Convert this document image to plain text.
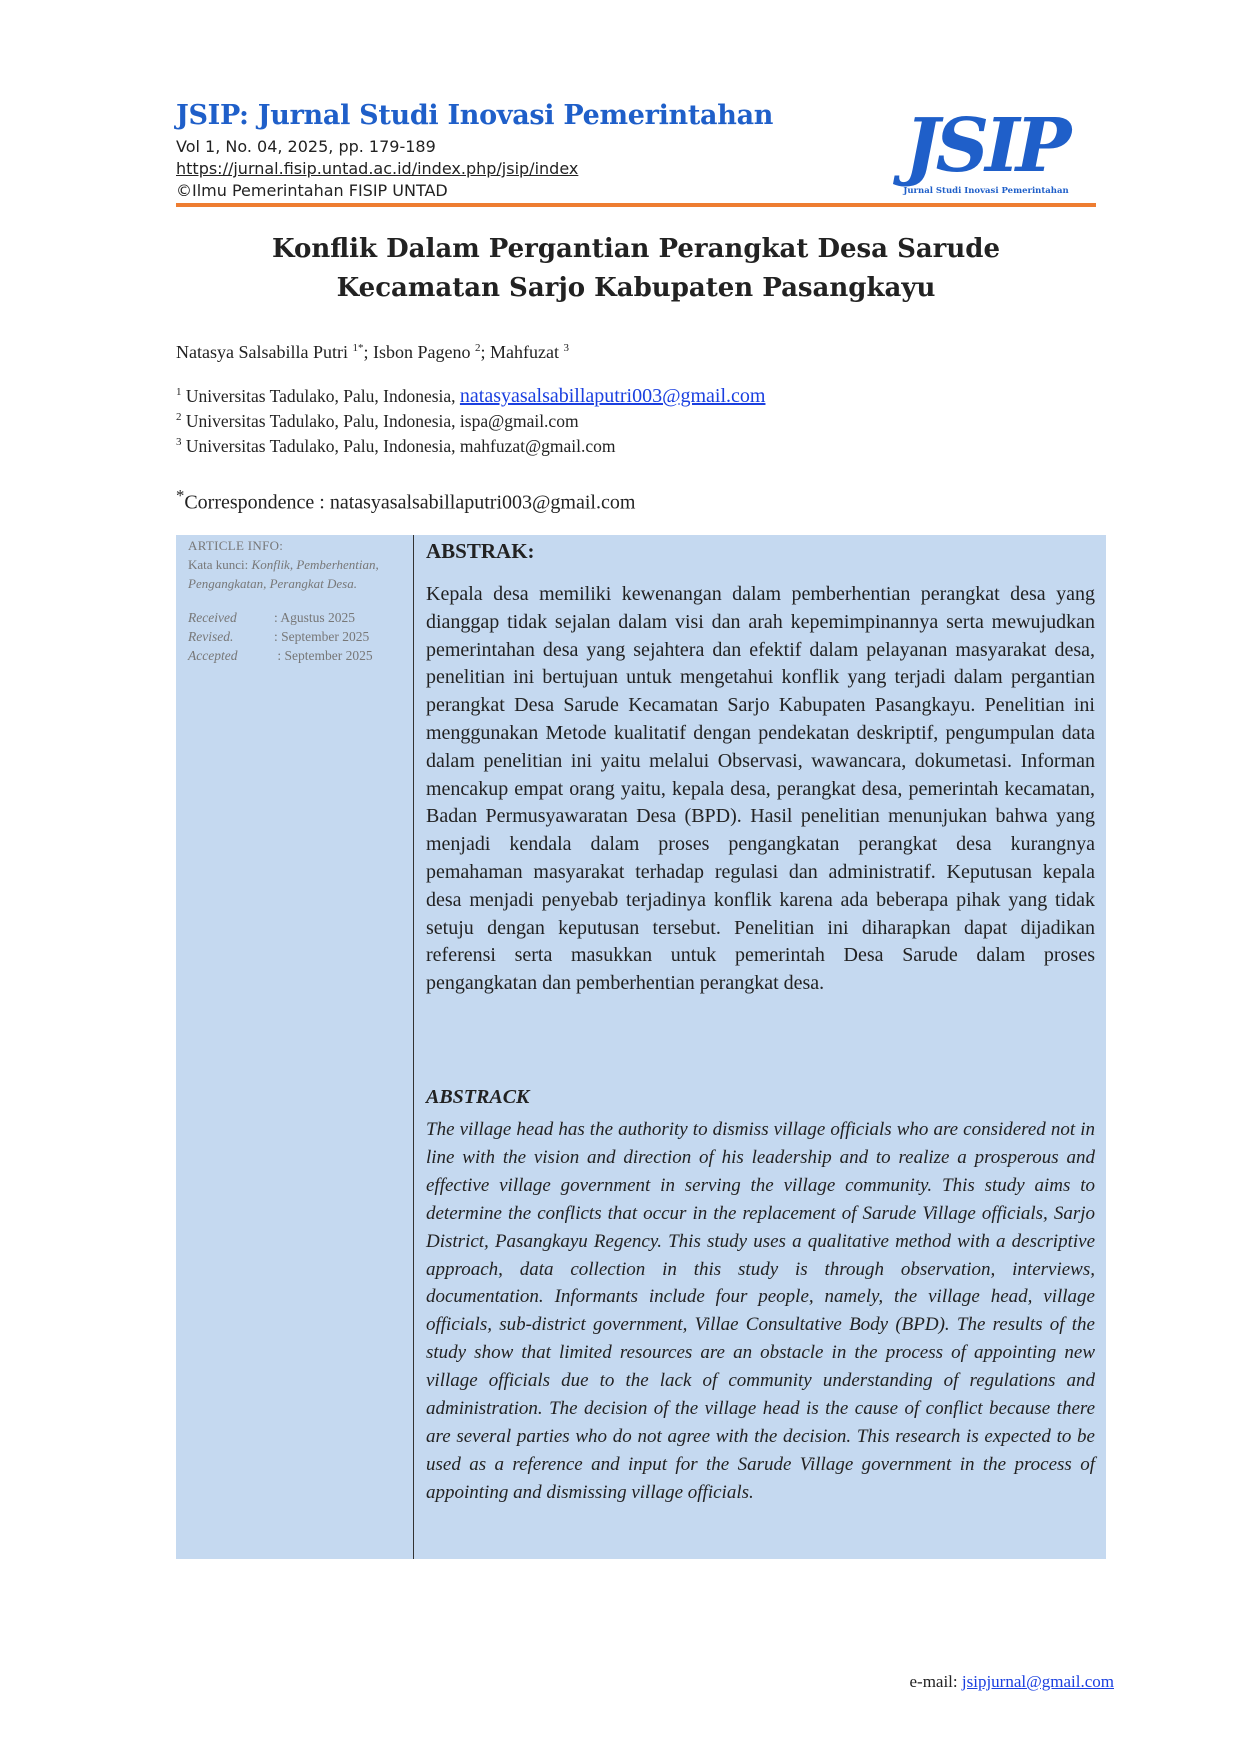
JSIP: Jurnal Studi Inovasi Pemerintahan
Vol 1, No. 04, 2025, pp. 179-189
https://jurnal.fisip.untad.ac.id/index.php/jsip/index
©Ilmu Pemerintahan FISIP UNTAD
JSIP
Jurnal Studi Inovasi Pemerintahan
Konflik Dalam Pergantian Perangkat Desa Sarude
Kecamatan Sarjo Kabupaten Pasangkayu
Natasya Salsabilla Putri $^{1*}$; Isbon Pageno $^2$; Mahfuzat $^3$
$^1$ Universitas Tadulako, Palu, Indonesia, natasyasalsabillaputri003@gmail.com
$^2$ Universitas Tadulako, Palu, Indonesia, ispa@gmail.com
$^3$ Universitas Tadulako, Palu, Indonesia, mahfuzat@gmail.com
*Correspondence : natasyasalsabillaputri003@gmail.com
ARTICLE INFO:
Kata kunci: Konflik, Pemberhentian, Pengangkatan, Perangkat Desa.
Received	: Agustus 2025
Revised.	: September 2025
Accepted	: September 2025
ABSTRAK:
Kepala desa memiliki kewenangan dalam pemberhentian perangkat desa yang dianggap tidak sejalan dalam visi dan arah kepemimpinannya serta mewujudkan pemerintahan desa yang sejahtera dan efektif dalam pelayanan masyarakat desa, penelitian ini bertujuan untuk mengetahui konflik yang terjadi dalam pergantian perangkat Desa Sarude Kecamatan Sarjo Kabupaten Pasangkayu. Penelitian ini menggunakan Metode kualitatif dengan pendekatan deskriptif, pengumpulan data dalam penelitian ini yaitu melalui Observasi, wawancara, dokumetasi. Informan mencakup empat orang yaitu, kepala desa, perangkat desa, pemerintah kecamatan, Badan Permusyawaratan Desa (BPD). Hasil penelitian menunjukan bahwa yang menjadi kendala dalam proses pengangkatan perangkat desa kurangnya pemahaman masyarakat terhadap regulasi dan administratif. Keputusan kepala desa menjadi penyebab terjadinya konflik karena ada beberapa pihak yang tidak setuju dengan keputusan tersebut. Penelitian ini diharapkan dapat dijadikan referensi serta masukkan untuk pemerintah Desa Sarude dalam proses pengangkatan dan pemberhentian perangkat desa.
ABSTRACK
The village head has the authority to dismiss village officials who are considered not in line with the vision and direction of his leadership and to realize a prosperous and effective village government in serving the village community. This study aims to determine the conflicts that occur in the replacement of Sarude Village officials, Sarjo District, Pasangkayu Regency. This study uses a qualitative method with a descriptive approach, data collection in this study is through observation, interviews, documentation. Informants include four people, namely, the village head, village officials, sub-district government, Villae Consultative Body (BPD). The results of the study show that limited resources are an obstacle in the process of appointing new village officials due to the lack of community understanding of regulations and administration. The decision of the village head is the cause of conflict because there are several parties who do not agree with the decision. This research is expected to be used as a reference and input for the Sarude Village government in the process of appointing and dismissing village officials.
e-mail: jsipjurnal@gmail.com
